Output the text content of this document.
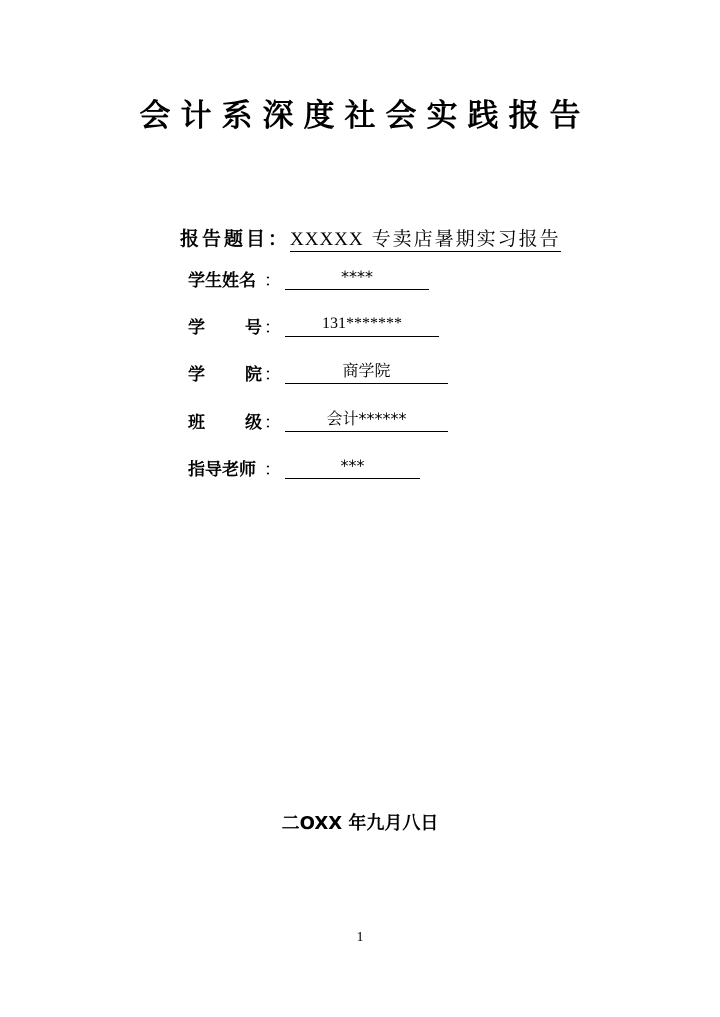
会计系深度社会实践报告
报告题目：XXXXX 专卖店暑期实习报告
学生姓名 ：	****
学 号 ：	131*******
学 院 ：	商学院
班 级 ：	会计******
指导老师 ：	***
二OXX 年九月八日
1
